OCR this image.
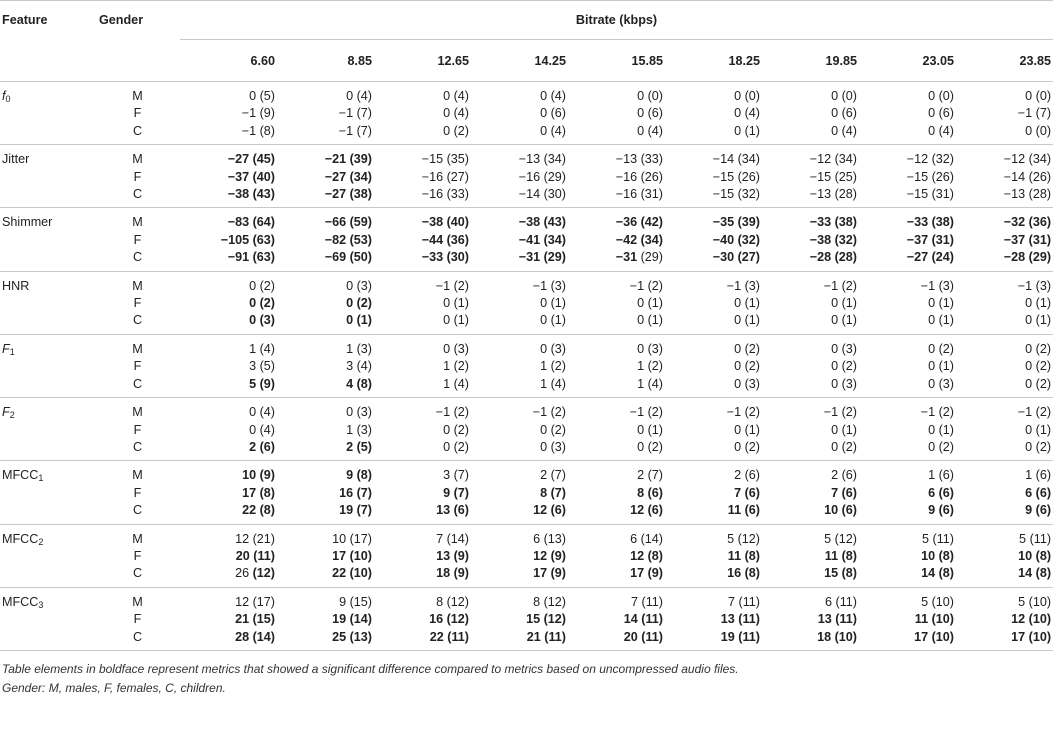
Feature	Gender	Bitrate (kbps)								
		6.60	8.85	12.65	14.25	15.85	18.25	19.85	23.05	23.85
$f_0$	M	0 (5)	0 (4)	0 (4)	0 (4)	0 (0)	0 (0)	0 (0)	0 (0)	0 (0)
	F	−1 (9)	−1 (7)	0 (4)	0 (6)	0 (6)	0 (4)	0 (6)	0 (6)	−1 (7)
	C	−1 (8)	−1 (7)	0 (2)	0 (4)	0 (4)	0 (1)	0 (4)	0 (4)	0 (0)
Jitter	M	−27 (45)	−21 (39)	−15 (35)	−13 (34)	−13 (33)	−14 (34)	−12 (34)	−12 (32)	−12 (34)
	F	−37 (40)	−27 (34)	−16 (27)	−16 (29)	−16 (26)	−15 (26)	−15 (25)	−15 (26)	−14 (26)
	C	−38 (43)	−27 (38)	−16 (33)	−14 (30)	−16 (31)	−15 (32)	−13 (28)	−15 (31)	−13 (28)
Shimmer	M	−83 (64)	−66 (59)	−38 (40)	−38 (43)	−36 (42)	−35 (39)	−33 (38)	−33 (38)	−32 (36)
	F	−105 (63)	−82 (53)	−44 (36)	−41 (34)	−42 (34)	−40 (32)	−38 (32)	−37 (31)	−37 (31)
	C	−91 (63)	−69 (50)	−33 (30)	−31 (29)	−31 (29)	−30 (27)	−28 (28)	−27 (24)	−28 (29)
HNR	M	0 (2)	0 (3)	−1 (2)	−1 (3)	−1 (2)	−1 (3)	−1 (2)	−1 (3)	−1 (3)
	F	0 (2)	0 (2)	0 (1)	0 (1)	0 (1)	0 (1)	0 (1)	0 (1)	0 (1)
	C	0 (3)	0 (1)	0 (1)	0 (1)	0 (1)	0 (1)	0 (1)	0 (1)	0 (1)
$F_1$	M	1 (4)	1 (3)	0 (3)	0 (3)	0 (3)	0 (2)	0 (3)	0 (2)	0 (2)
	F	3 (5)	3 (4)	1 (2)	1 (2)	1 (2)	0 (2)	0 (2)	0 (1)	0 (2)
	C	5 (9)	4 (8)	1 (4)	1 (4)	1 (4)	0 (3)	0 (3)	0 (3)	0 (2)
$F_2$	M	0 (4)	0 (3)	−1 (2)	−1 (2)	−1 (2)	−1 (2)	−1 (2)	−1 (2)	−1 (2)
	F	0 (4)	1 (3)	0 (2)	0 (2)	0 (1)	0 (1)	0 (1)	0 (1)	0 (1)
	C	2 (6)	2 (5)	0 (2)	0 (3)	0 (2)	0 (2)	0 (2)	0 (2)	0 (2)
$MFCC_1$	M	10 (9)	9 (8)	3 (7)	2 (7)	2 (7)	2 (6)	2 (6)	1 (6)	1 (6)
	F	17 (8)	16 (7)	9 (7)	8 (7)	8 (6)	7 (6)	7 (6)	6 (6)	6 (6)
	C	22 (8)	19 (7)	13 (6)	12 (6)	12 (6)	11 (6)	10 (6)	9 (6)	9 (6)
$MFCC_2$	M	12 (21)	10 (17)	7 (14)	6 (13)	6 (14)	5 (12)	5 (12)	5 (11)	5 (11)
	F	20 (11)	17 (10)	13 (9)	12 (9)	12 (8)	11 (8)	11 (8)	10 (8)	10 (8)
	C	26 (12)	22 (10)	18 (9)	17 (9)	17 (9)	16 (8)	15 (8)	14 (8)	14 (8)
$MFCC_3$	M	12 (17)	9 (15)	8 (12)	8 (12)	7 (11)	7 (11)	6 (11)	5 (10)	5 (10)
	F	21 (15)	19 (14)	16 (12)	15 (12)	14 (11)	13 (11)	13 (11)	11 (10)	12 (10)
	C	28 (14)	25 (13)	22 (11)	21 (11)	20 (11)	19 (11)	18 (10)	17 (10)	17 (10)
Table elements in boldface represent metrics that showed a significant difference compared to metrics based on uncompressed audio files.
Gender: M, males, F, females, C, children.
